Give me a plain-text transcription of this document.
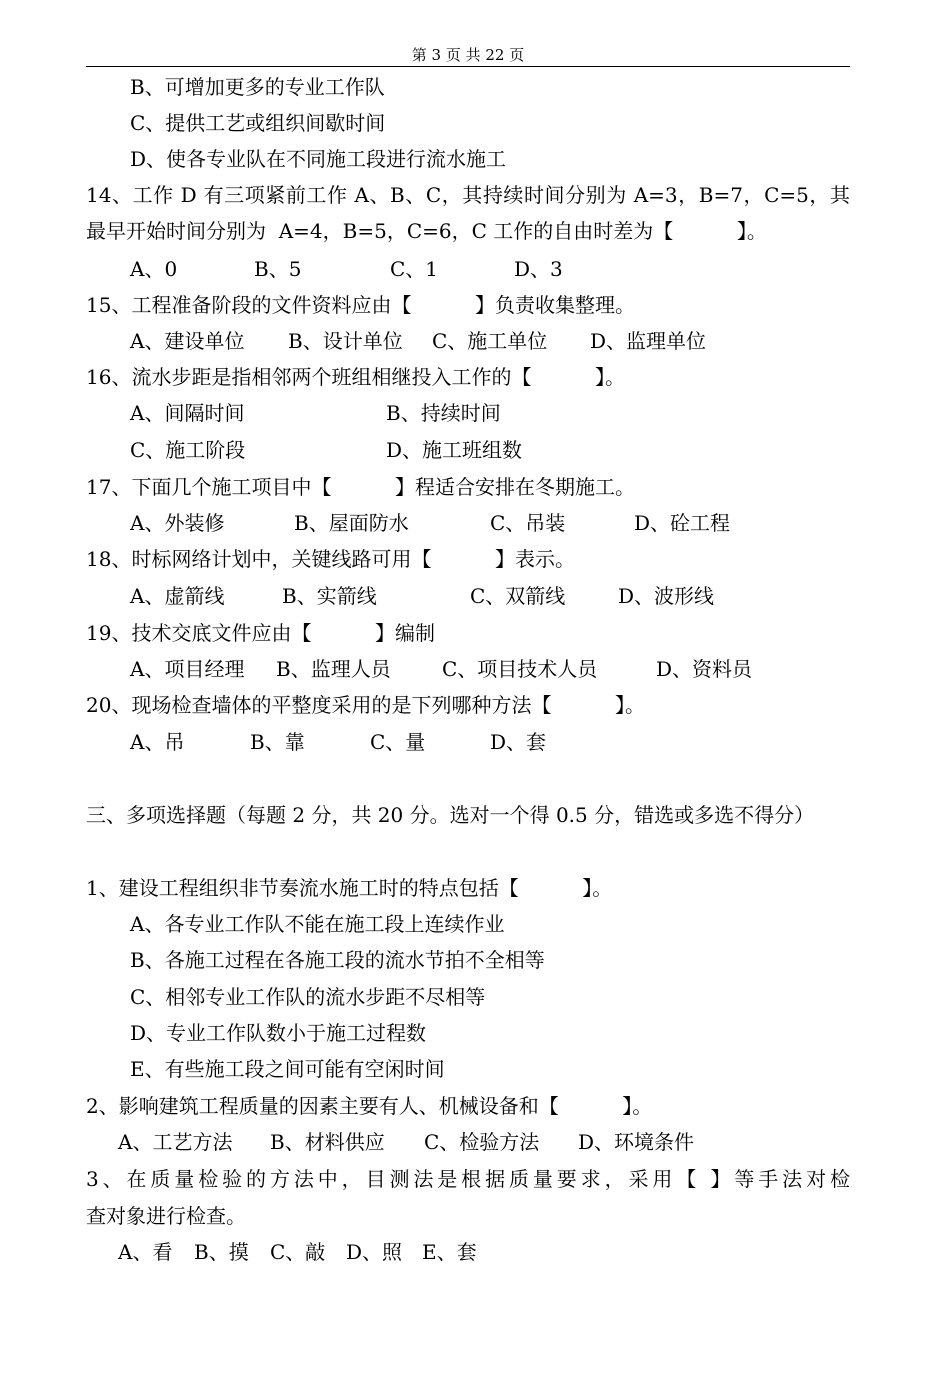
第 3 页 共 22 页
B、可增加更多的专业工作队
C、提供工艺或组织间歇时间
D、使各专业队在不同施工段进行流水施工
14、工作 D 有三项紧前工作 A、B、C，其持续时间分别为 A=3，B=7，C=5，其
最早开始时间分别为  A=4，B=5，C=6，C 工作的自由时差为【          】。

A、0

	B、5

	C、1

	D、3

15、工程准备阶段的文件资料应由【          】负责收集整理。

A、建设单位

B、设计单位

C、施工单位

D、监理单位

16、流水步距是指相邻两个班组相继投入工作的【          】。

A、间隔时间

	B、持续时间

C、施工阶段

	D、施工班组数

17、下面几个施工项目中【          】程适合安排在冬期施工。

A、外装修

	B、屋面防水

	C、吊装

	D、砼工程

18、时标网络计划中，关键线路可用【          】表示。

A、虚箭线

	B、实箭线

	C、双箭线

	D、波形线

19、技术交底文件应由【          】编制

A、项目经理

B、监理人员

	C、项目技术人员

	D、资料员

20、现场检查墙体的平整度采用的是下列哪种方法【          】。

A、吊

	B、靠

	C、量

	D、套

三、多项选择题（每题 2 分，共 20 分。选对一个得 0.5 分，错选或多选不得分）
1、建设工程组织非节奏流水施工时的特点包括【          】。
A、各专业工作队不能在施工段上连续作业
B、各施工过程在各施工段的流水节拍不全相等
C、相邻专业工作队的流水步距不尽相等
D、专业工作队数小于施工过程数
E、有些施工段之间可能有空闲时间
2、影响建筑工程质量的因素主要有人、机械设备和【          】。

A、工艺方法

B、材料供应

C、检验方法

D、环境条件

3、在质量检验的方法中，目测法是根据质量要求，采用【 】等手法对检
查对象进行检查。

A、看

B、摸

C、敲

D、照

E、套
